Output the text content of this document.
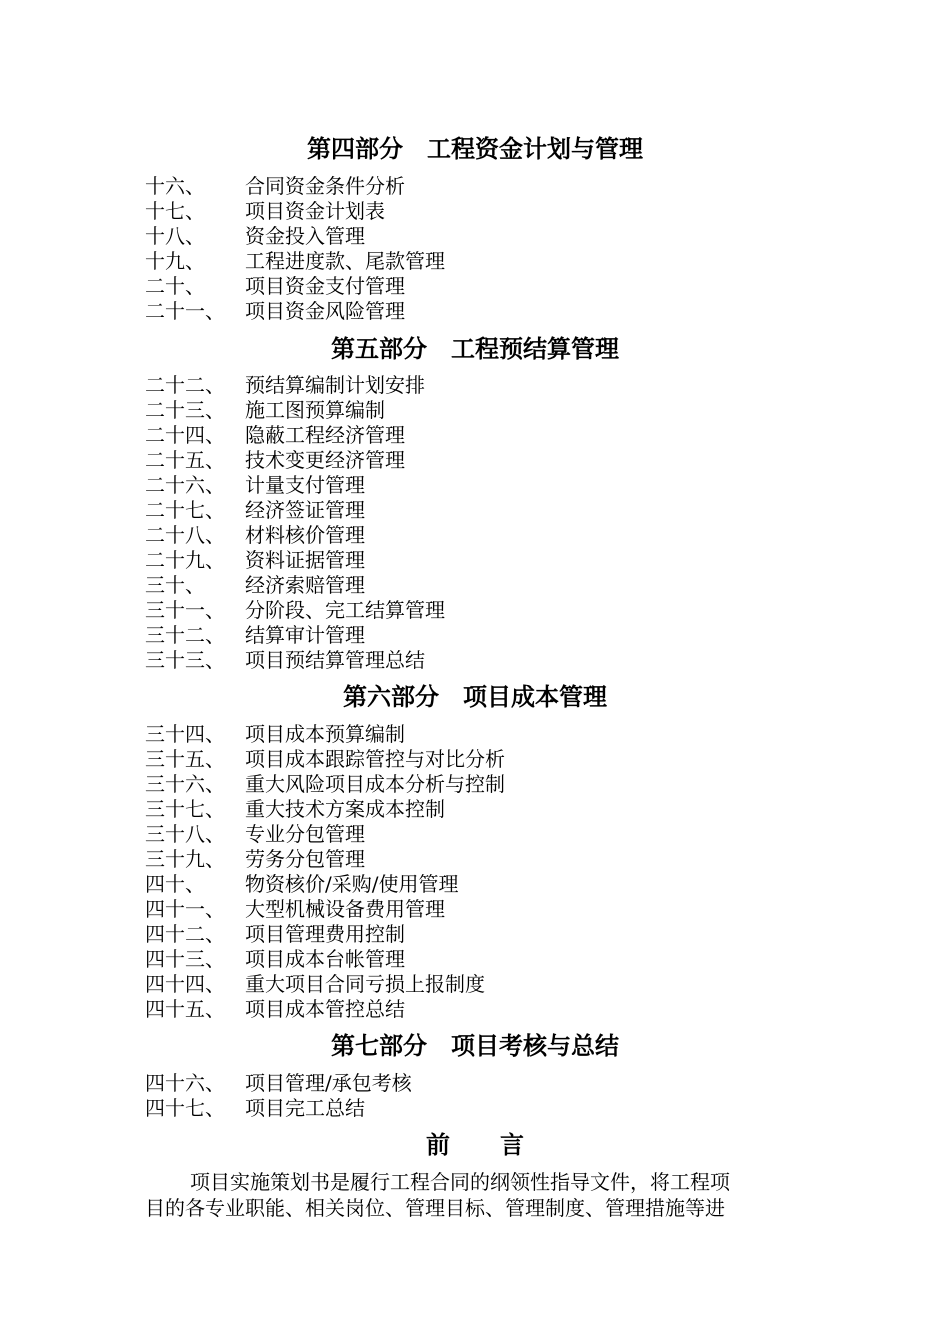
第四部分　工程资金计划与管理
十六、	合同资金条件分析
十七、	项目资金计划表
十八、	资金投入管理
十九、	工程进度款、尾款管理
二十、	项目资金支付管理
二十一、	项目资金风险管理
第五部分　工程预结算管理
二十二、	预结算编制计划安排
二十三、	施工图预算编制
二十四、	隐蔽工程经济管理
二十五、	技术变更经济管理
二十六、	计量支付管理
二十七、	经济签证管理
二十八、	材料核价管理
二十九、	资料证据管理
三十、	经济索赔管理
三十一、	分阶段、完工结算管理
三十二、	结算审计管理
三十三、	项目预结算管理总结
第六部分　项目成本管理
三十四、	项目成本预算编制
三十五、	项目成本跟踪管控与对比分析
三十六、	重大风险项目成本分析与控制
三十七、	重大技术方案成本控制
三十八、	专业分包管理
三十九、	劳务分包管理
四十、	物资核价/采购/使用管理
四十一、	大型机械设备费用管理
四十二、	项目管理费用控制
四十三、	项目成本台帐管理
四十四、	重大项目合同亏损上报制度
四十五、	项目成本管控总结
第七部分　项目考核与总结
四十六、	项目管理/承包考核
四十七、	项目完工总结
前言
项目实施策划书是履行工程合同的纲领性指导文件，将工程项
目的各专业职能、相关岗位、管理目标、管理制度、管理措施等进
